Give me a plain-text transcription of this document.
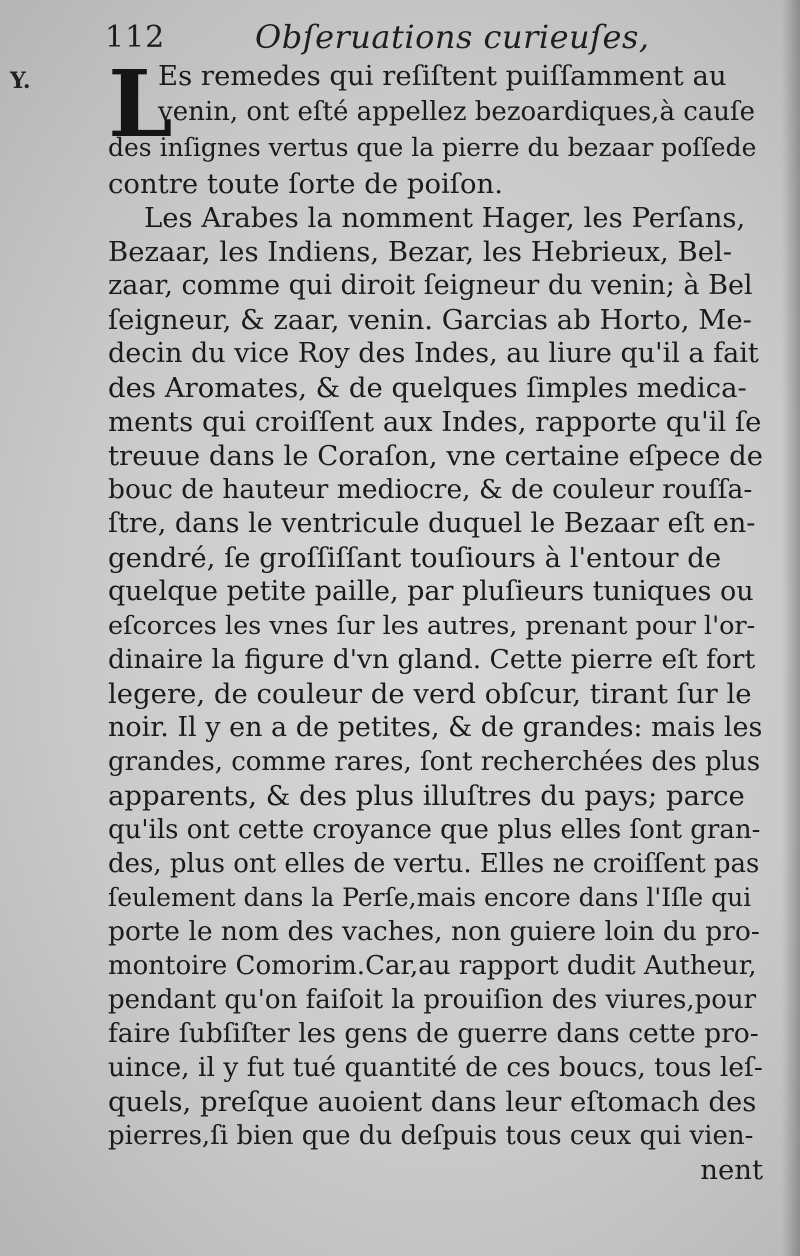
112	Obſeruations curieuſes,
Y. L
Es remedes qui reſiſtent puiſſamment au
venin, ont eſté appellez bezoardiques,à cauſe
des inſignes vertus que la pierre du bezaar poſſede
contre toute ſorte de poiſon.
Les Arabes la nomment Hager, les Perſans,
Bezaar, les Indiens, Bezar, les Hebrieux, Bel-
zaar, comme qui diroit ſeigneur du venin; à Bel
ſeigneur, & zaar, venin. Garcias ab Horto, Me-
decin du vice Roy des Indes, au liure qu'il a fait
des Aromates, & de quelques ſimples medica-
ments qui croiſſent aux Indes, rapporte qu'il ſe
treuue dans le Coraſon, vne certaine eſpece de
bouc de hauteur mediocre, & de couleur rouſſa-
ſtre, dans le ventricule duquel le Bezaar eſt en-
gendré, ſe groſſiſſant touſiours à l'entour de
quelque petite paille, par pluſieurs tuniques ou
eſcorces les vnes ſur les autres, prenant pour l'or-
dinaire la figure d'vn gland. Cette pierre eſt fort
legere, de couleur de verd obſcur, tirant ſur le
noir. Il y en a de petites, & de grandes: mais les
grandes, comme rares, ſont recherchées des plus
apparents, & des plus illuſtres du pays; parce
qu'ils ont cette croyance que plus elles ſont gran-
des, plus ont elles de vertu. Elles ne croiſſent pas
ſeulement dans la Perſe,mais encore dans l'Iſle qui
porte le nom des vaches, non guiere loin du pro-
montoire Comorim.Car,au rapport dudit Autheur,
pendant qu'on faiſoit la prouiſion des viures,pour
faire ſubſiſter les gens de guerre dans cette pro-
uince, il y fut tué quantité de ces boucs, tous leſ-
quels, preſque auoient dans leur eſtomach des
pierres,ſi bien que du deſpuis tous ceux qui vien-
nent
